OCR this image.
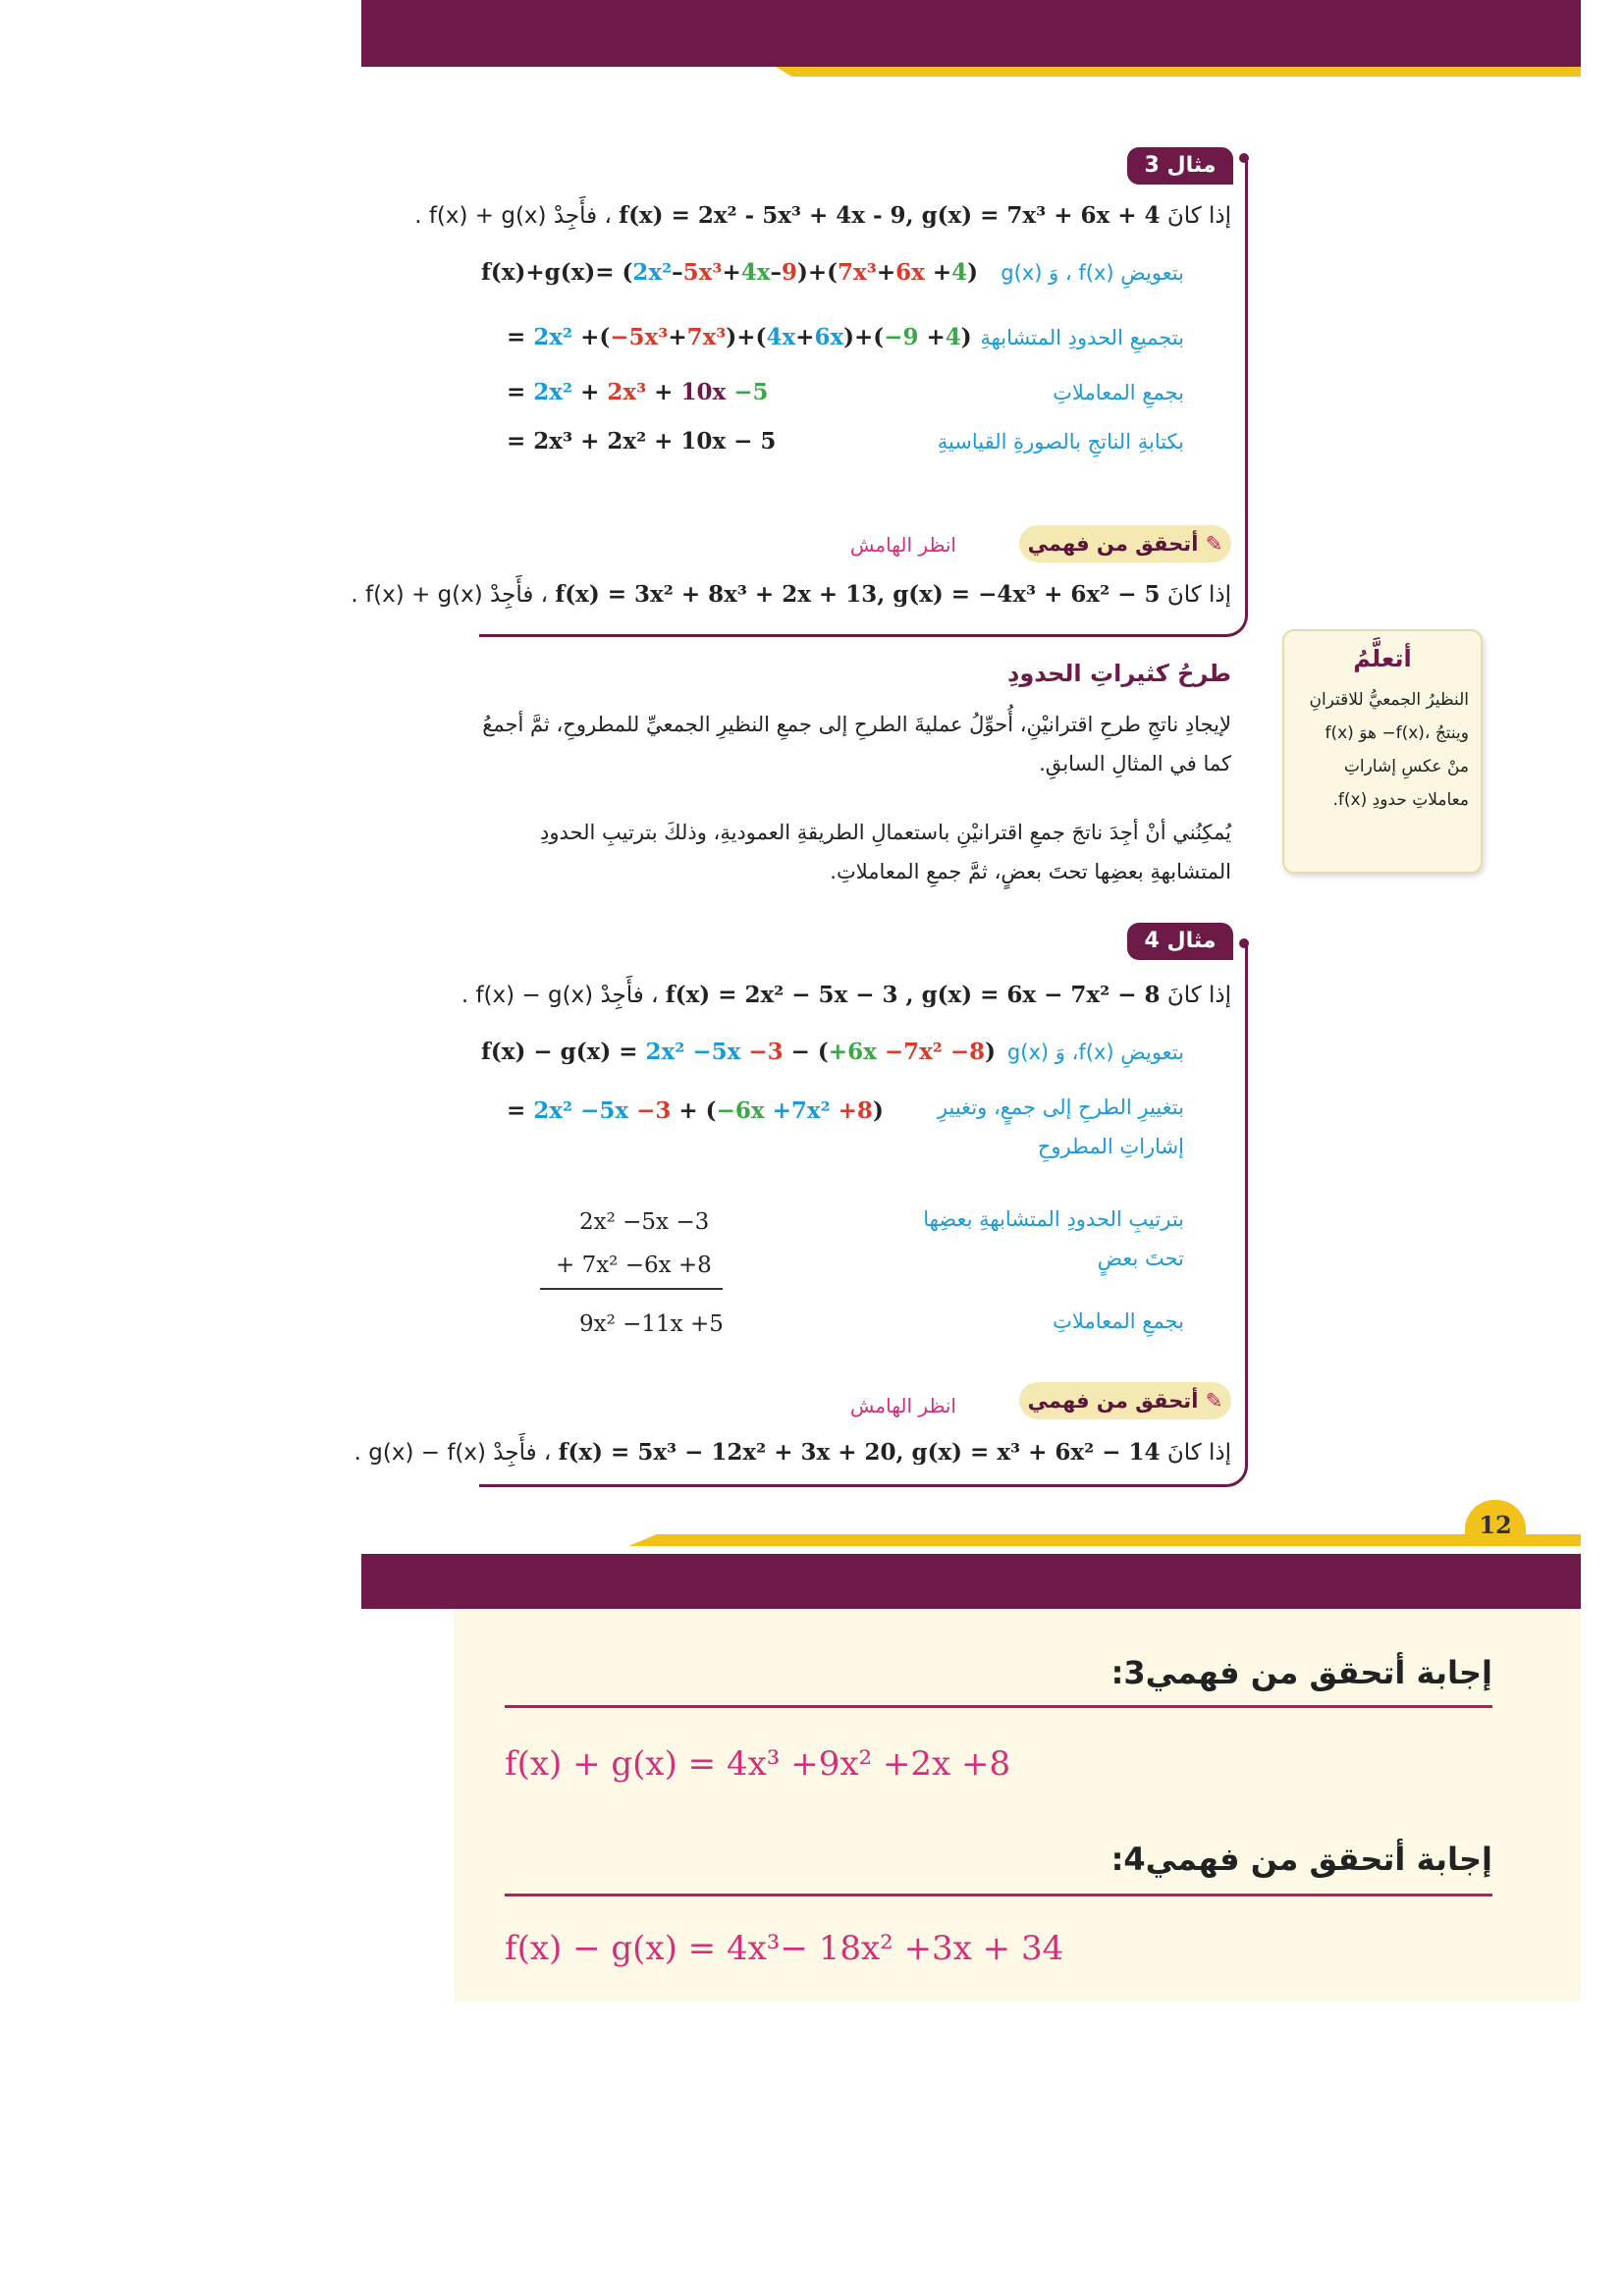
مثال 3
إذا كانَ f(x) = 2x² - 5x³ + 4x - 9, g(x) = 7x³ + 6x + 4 ، فأَجِدْ f(x) + g(x) .
بتعويضِ f(x) ، وَ g(x)
f(x)+g(x)= (2x²–5x³+4x–9)+(7x³+6x +4)
بتجميعِ الحدودِ المتشابهةِ
= 2x² +(−5x³+7x³)+(4x+6x)+(−9 +4)
بجمعِ المعاملاتِ
= 2x² + 2x³ + 10x −5
بكتابةِ الناتجِ بالصورةِ القياسيةِ
= 2x³ + 2x² + 10x − 5
✎ أتحقق من فهمي
انظر الهامش
إذا كانَ f(x) = 3x² + 8x³ + 2x + 13, g(x) = −4x³ + 6x² − 5 ، فأَجِدْ f(x) + g(x) .
طرحُ كثيراتِ الحدودِ
لإيجادِ ناتجِ طرحِ اقترانيْنِ، أُحوِّلُ عمليةَ الطرحِ إلى جمعِ النظيرِ الجمعيِّ للمطروحِ، ثمَّ أجمعُ كما في المثالِ السابقِ.
يُمكِنُني أنْ أجِدَ ناتجَ جمعِ اقترانيْنِ باستعمالِ الطريقةِ العموديةِ، وذلكَ بترتيبِ الحدودِ المتشابهةِ بعضِها تحتَ بعضٍ، ثمَّ جمعِ المعاملاتِ.
أتعلَّمُ
النظيرُ الجمعيُّ للاقترانِ
f(x) هوَ −f(x)، وينتجُ
منْ عكسِ إشاراتِ
معاملاتِ حدودِ f(x).
مثال 4
إذا كانَ f(x) = 2x² − 5x − 3 , g(x) = 6x − 7x² − 8 ، فأَجِدْ f(x) − g(x) .
بتعويضِ f(x)، وَ g(x)
f(x) − g(x) = 2x² −5x −3 − (+6x −7x² −8)
بتغييرِ الطرحِ إلى جمعٍ، وتغييرِ
إشاراتِ المطروحِ
= 2x² −5x −3 + (−6x +7x² +8)
بترتيبِ الحدودِ المتشابهةِ بعضِها
تحتَ بعضٍ
2x² −5x −3
+ 7x² −6x +8
بجمعِ المعاملاتِ
9x² −11x +5
✎ أتحقق من فهمي
انظر الهامش
إذا كانَ f(x) = 5x³ − 12x² + 3x + 20, g(x) = x³ + 6x² − 14 ، فأَجِدْ g(x) − f(x) .
12
إجابة أتحقق من فهمي3:
f(x) + g(x) = 4x³ +9x² +2x +8
إجابة أتحقق من فهمي4:
f(x) − g(x) = 4x³− 18x² +3x + 34
